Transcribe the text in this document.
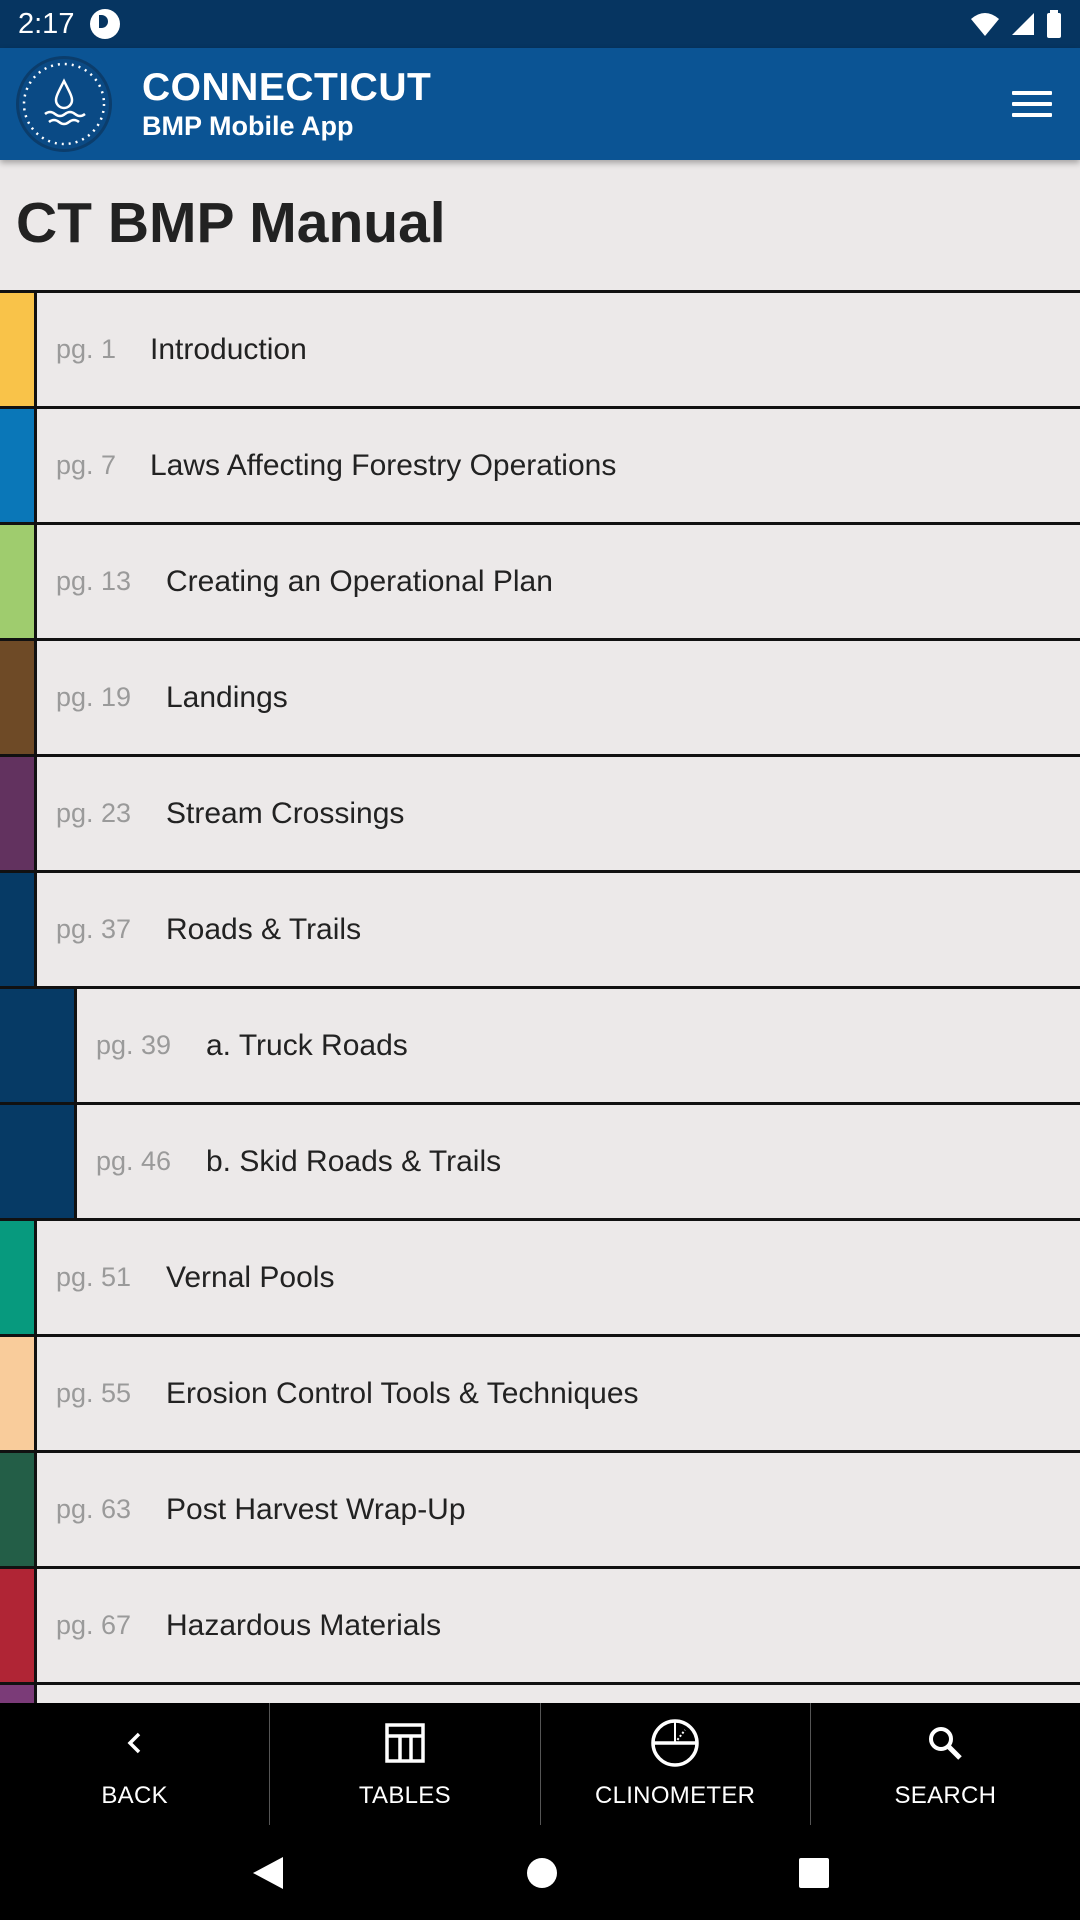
2:17
CONNECTICUT
BMP Mobile App
CT BMP Manual
pg. 1 Introduction
pg. 7 Laws Affecting Forestry Operations
pg. 13 Creating an Operational Plan
pg. 19 Landings
pg. 23 Stream Crossings
pg. 37 Roads & Trails
pg. 39 a. Truck Roads
pg. 46 b. Skid Roads & Trails
pg. 51 Vernal Pools
pg. 55 Erosion Control Tools & Techniques
pg. 63 Post Harvest Wrap-Up
pg. 67 Hazardous Materials
BACK	TABLES	CLINOMETER	SEARCH
